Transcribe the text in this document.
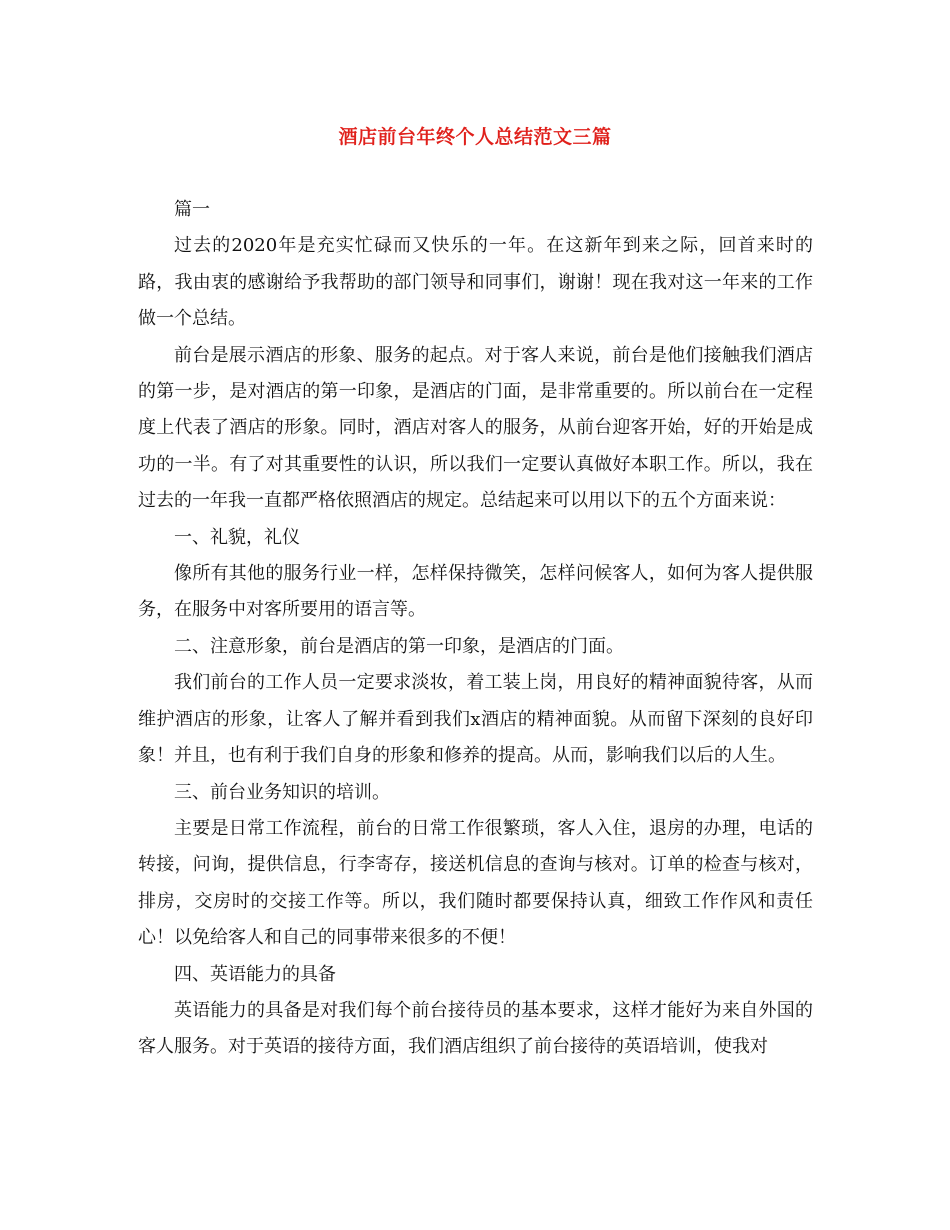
酒店前台年终个人总结范文三篇

篇一

过去的2020年是充实忙碌而又快乐的一年。在这新年到来之际，回首来时的路，我由衷的感谢给予我帮助的部门领导和同事们，谢谢！现在我对这一年来的工作做一个总结。

前台是展示酒店的形象、服务的起点。对于客人来说，前台是他们接触我们酒店的第一步，是对酒店的第一印象，是酒店的门面，是非常重要的。所以前台在一定程度上代表了酒店的形象。同时，酒店对客人的服务，从前台迎客开始，好的开始是成功的一半。有了对其重要性的认识，所以我们一定要认真做好本职工作。所以，我在过去的一年我一直都严格依照酒店的规定。总结起来可以用以下的五个方面来说：

一、礼貌，礼仪

像所有其他的服务行业一样，怎样保持微笑，怎样问候客人，如何为客人提供服务，在服务中对客所要用的语言等。

二、注意形象，前台是酒店的第一印象，是酒店的门面。

我们前台的工作人员一定要求淡妆，着工装上岗，用良好的精神面貌待客，从而维护酒店的形象，让客人了解并看到我们x酒店的精神面貌。从而留下深刻的良好印象！并且，也有利于我们自身的形象和修养的提高。从而，影响我们以后的人生。

三、前台业务知识的培训。

主要是日常工作流程，前台的日常工作很繁琐，客人入住，退房的办理，电话的转接，问询，提供信息，行李寄存，接送机信息的查询与核对。订单的检查与核对，排房，交房时的交接工作等。所以，我们随时都要保持认真，细致工作作风和责任心！以免给客人和自己的同事带来很多的不便！

四、英语能力的具备

英语能力的具备是对我们每个前台接待员的基本要求，这样才能好为来自外国的客人服务。对于英语的接待方面，我们酒店组织了前台接待的英语培训，使我对
